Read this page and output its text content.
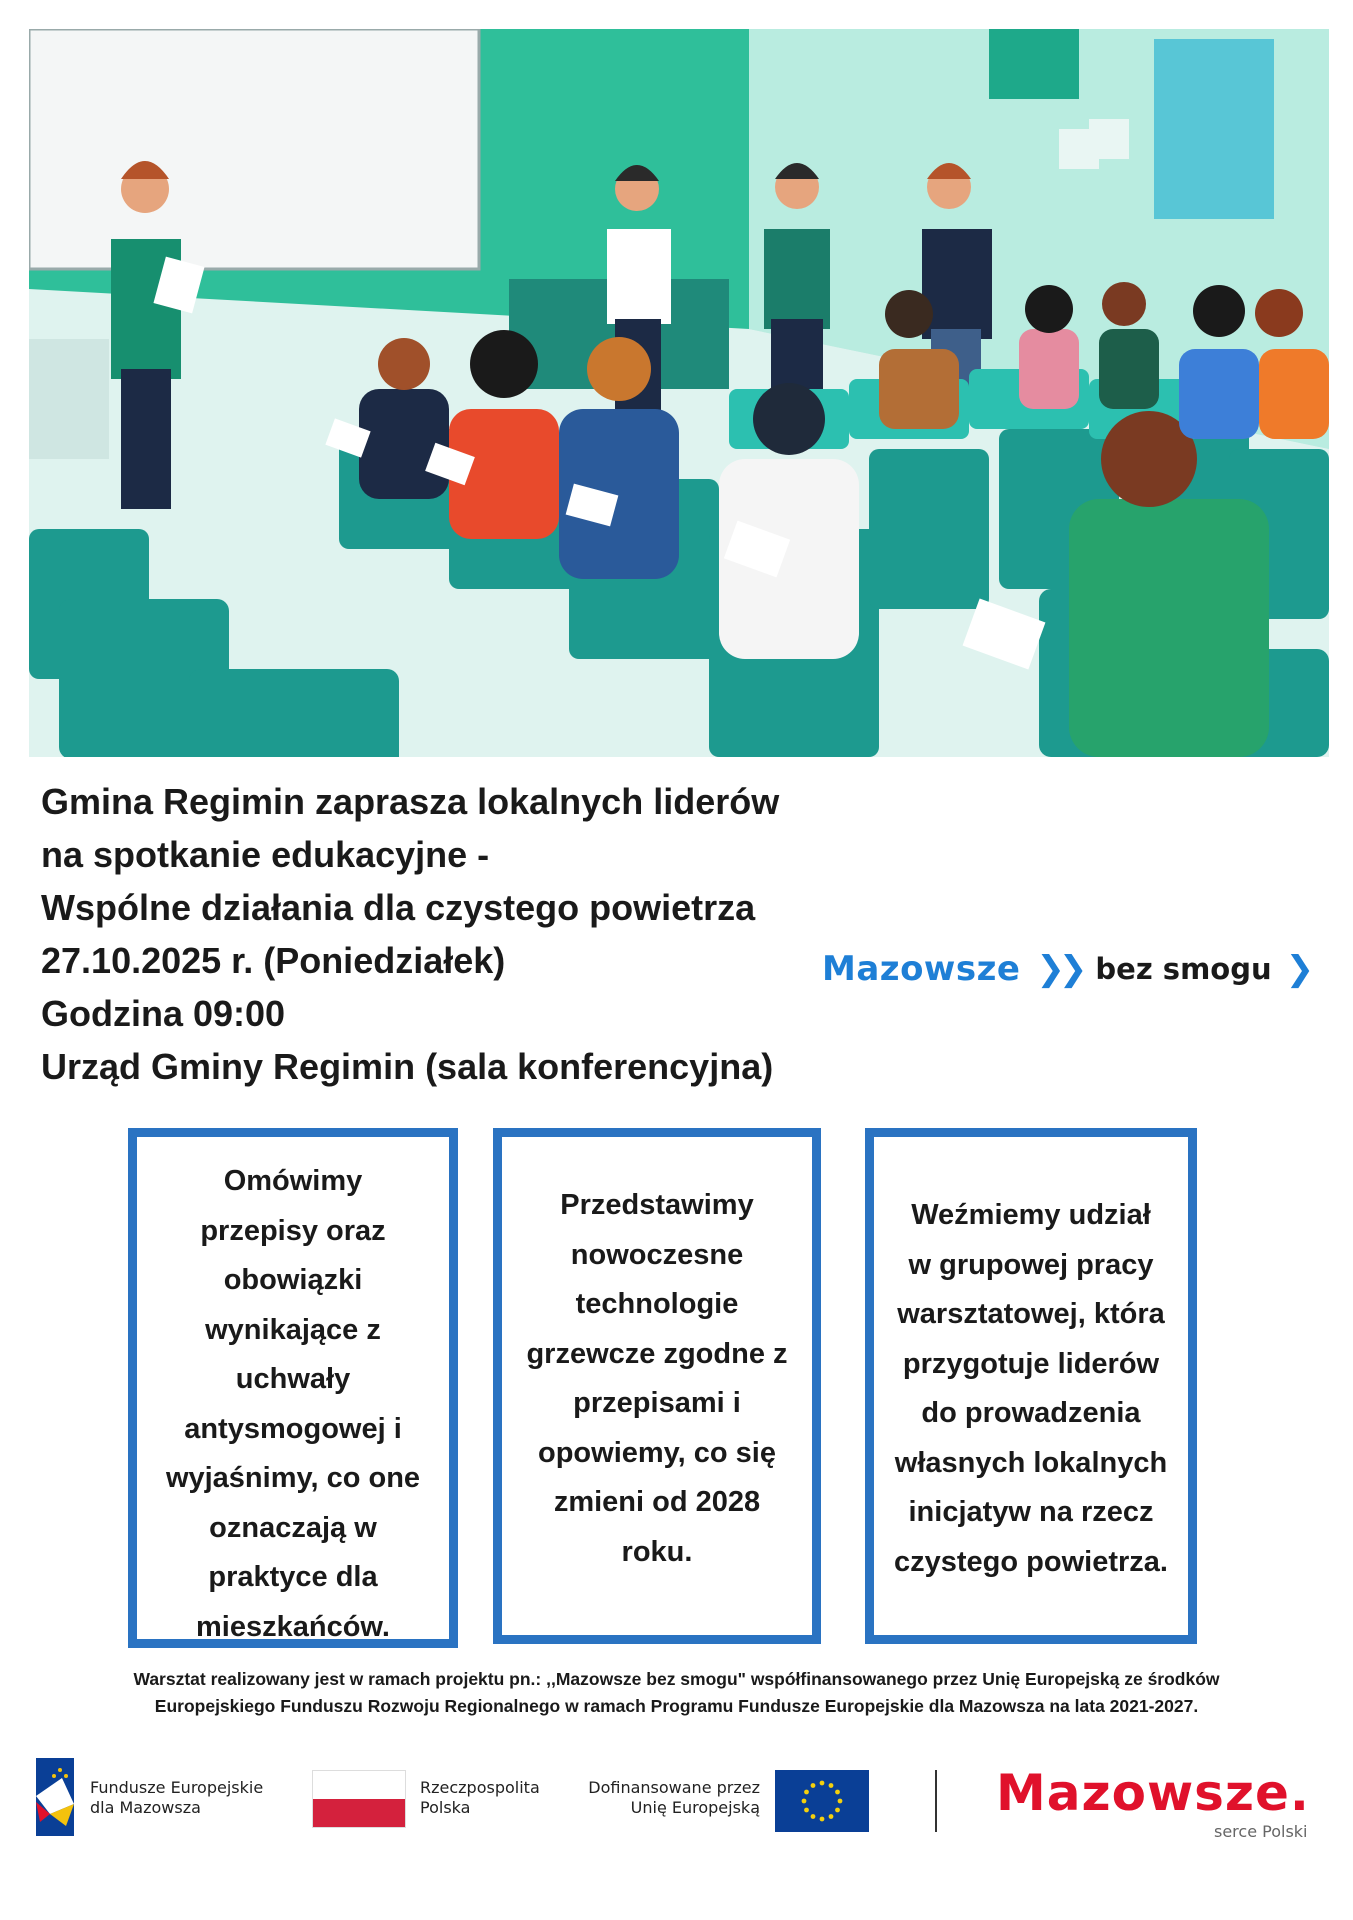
Gmina Regimin zaprasza lokalnych liderów
na spotkanie edukacyjne -
Wspólne działania dla czystego powietrza
27.10.2025 r. (Poniedziałek)
Godzina 09:00
Urząd Gminy Regimin (sala konferencyjna)
Mazowsze ❯❯ bez smogu ❯

Omówimy

przepisy oraz

obowiązki

wynikające z

uchwały

antysmogowej i

wyjaśnimy, co one

oznaczają w

praktyce dla

mieszkańców.

Przedstawimy

nowoczesne

technologie

grzewcze zgodne z

przepisami i

opowiemy, co się

zmieni od 2028

roku.

Weźmiemy udział

w grupowej pracy

warsztatowej, która

przygotuje liderów

do prowadzenia

własnych lokalnych

inicjatyw na rzecz

czystego powietrza.

Warsztat realizowany jest w ramach projektu pn.: ,,Mazowsze bez smogu" współfinansowanego przez Unię Europejską ze środków
Europejskiego Funduszu Rozwoju Regionalnego w ramach Programu Fundusze Europejskie dla Mazowsza na lata 2021-2027.
Fundusze Europejskie
dla Mazowsza
Rzeczpospolita
Polska
Dofinansowane przez
Unię Europejską	Mazowsze.
serce Polski
